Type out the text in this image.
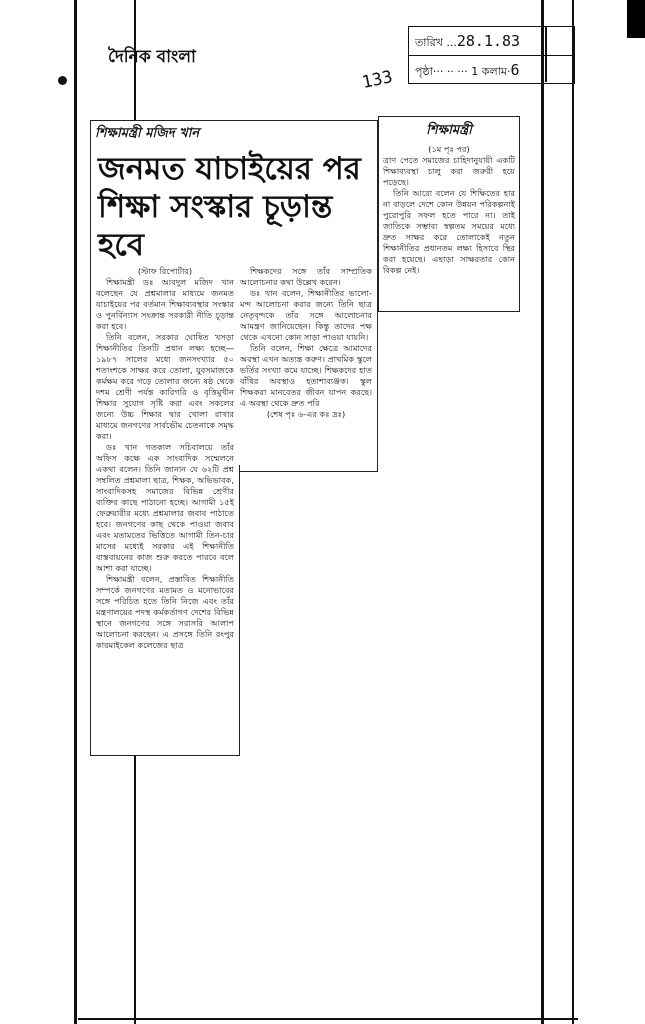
দৈনিক বাংলা
তারিখ ...28.1.83
পৃষ্ঠা··· ·· ··· 1 কলাম·6
133
শিক্ষামন্ত্রী মজিদ খান
জনমত যাচাইয়ের পর শিক্ষা সংস্কার চূড়ান্ত হবে

(স্টাফ রিপোর্টার)

শিক্ষামন্ত্রী ডঃ আবদুল মজিদ খান বলেছেন যে প্রশ্নমালার মাধ্যমে জনমত যাচাইয়ের পর বর্তমান শিক্ষাব্যবস্থার সংস্কার ও পুনর্বিন্যাস সংক্রান্ত সরকারী নীতি চূড়ান্ত করা হবে।

তিনি বলেন, সরকার ঘোষিত খসড়া শিক্ষানীতির তিনটি প্রধান লক্ষ্য হচ্ছে—১৯৮৭ সালের মধ্যে জনসংখ্যার ৫০ শতাংশকে সাক্ষর করে তোলা, যুবসমাজকে কর্মক্ষম করে গড়ে তোলার জন্যে ষষ্ঠ থেকে দশম শ্রেণী পর্যন্ত কারিগরি ও বৃত্তিমুখীন শিক্ষার সুযোগ সৃষ্টি করা এবং সকলের জন্যে উচ্চ শিক্ষার দ্বার খোলা রাখার মাধ্যমে জনগণের সার্বভৌম চেতনাকে সমৃদ্ধ করা।

ডঃ খান গতকাল সচিবালয়ে তাঁর অফিস কক্ষে এক সাংবাদিক সম্মেলনে একথা বলেন। তিনি জানান যে ৬২টি প্রশ্ন সম্বলিত প্রশ্নমালা ছাত্র, শিক্ষক, অভিভাবক, সাংবাদিকসহ সমাজের বিভিন্ন শ্রেণীর ব্যক্তির কাছে পাঠানো হচ্ছে। আগামী ১৫ই ফেব্রুয়ারীর মধ্যে প্রশ্নমালার জবাব পাঠাতে হবে। জনগণের কাছ থেকে পাওয়া জবাব এবং মতামতের ভিত্তিতে আগামী তিন-চার মাসের মধ্যেই সরকার এই শিক্ষানীতি বাস্তবায়নের কাজ শুরু করতে পারবে বলে আশা করা যাচ্ছে।

শিক্ষামন্ত্রী বলেন, প্রস্তাবিত শিক্ষানীতি সম্পর্কে জনগণের মতামত ও মনোভাবের সঙ্গে পরিচিত হতে তিনি নিজে এবং তাঁর মন্ত্রণালয়ের পদস্থ কর্মকর্তাগণ দেশের বিভিন্ন স্থানে জনগণের সঙ্গে সরাসরি আলাপ আলোচনা করছেন। এ প্রসঙ্গে তিনি রংপুর কারমাইকেল কলেজের ছাত্র

শিক্ষকদের সঙ্গে তাঁর সাম্প্রতিক আলোচনার কথা উল্লেখ করেন।

ডঃ খান বলেন, শিক্ষানীতির ভালো-মন্দ আলোচনা করার জন্যে তিনি ছাত্র নেতৃবৃন্দকে তাঁর সঙ্গে আলোচনার আমন্ত্রণ জানিয়েছেন। কিন্তু তাদের পক্ষ থেকে এখনো কোন সাড়া পাওয়া যায়নি।

তিনি বলেন, শিক্ষা ক্ষেত্রে আমাদের অবস্থা এখন অত্যন্ত করুণ। প্রাথমিক স্কুলে ভর্তির সংখ্যা কমে যাচ্ছে। শিক্ষকদের হাত বাঁধির অবস্থাও হতাশাব্যঞ্জক। স্কুল শিক্ষকরা মানবেতর জীবন যাপন করছে। এ অবস্থা থেকে দ্রুত পরি

(শেষ পৃঃ ৬-এর কঃ দ্রঃ)

শিক্ষামন্ত্রী

(১ম পৃঃ পর)

ত্রাণ পেতে সমাজের চাহিদানুযায়ী একটি শিক্ষাব্যবস্থা চালু করা জরুরী হয়ে পড়েছে।

তিনি আরো বলেন যে শিক্ষিতের হার না বাড়লে দেশে কোন উন্নয়ন পরিকল্পনাই পুরোপুরি সফল হতে পারে না। তাই জাতিকে সম্ভাব্য স্বল্পতম সময়ের মধ্যে দ্রুত সাক্ষর করে তোলাকেই নতুন শিক্ষানীতির প্রধানতম লক্ষ্য হিসাবে স্থির করা হয়েছে। এছাড়া সাক্ষরতার কোন বিকল্প নেই।
